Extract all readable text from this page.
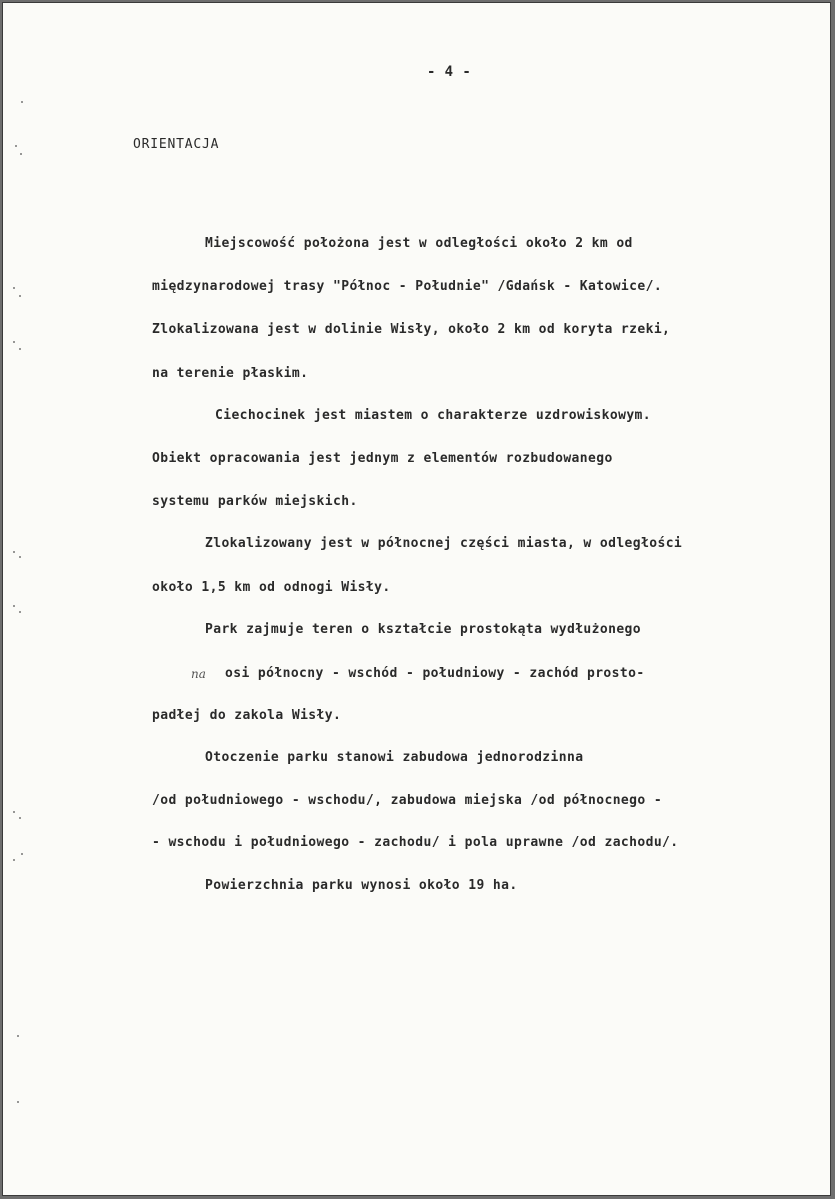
- 4 -
ORIENTACJA
Miejscowość położona jest w odległości około 2 km od
międzynarodowej trasy "Północ - Południe" /Gdańsk - Katowice/.
Zlokalizowana jest w dolinie Wisły, około 2 km od koryta rzeki,
na terenie płaskim.
Ciechocinek jest miastem o charakterze uzdrowiskowym.
Obiekt opracowania jest jednym z elementów rozbudowanego
systemu parków miejskich.
Zlokalizowany jest w północnej części miasta, w odległości
około 1,5 km od odnogi Wisły.
Park zajmuje teren o kształcie prostokąta wydłużonego
na osi północny - wschód - południowy - zachód prosto-
padłej do zakola Wisły.
Otoczenie parku stanowi zabudowa jednorodzinna
/od południowego - wschodu/, zabudowa miejska /od północnego -
- wschodu i południowego - zachodu/ i pola uprawne /od zachodu/.
Powierzchnia parku wynosi około 19 ha.
